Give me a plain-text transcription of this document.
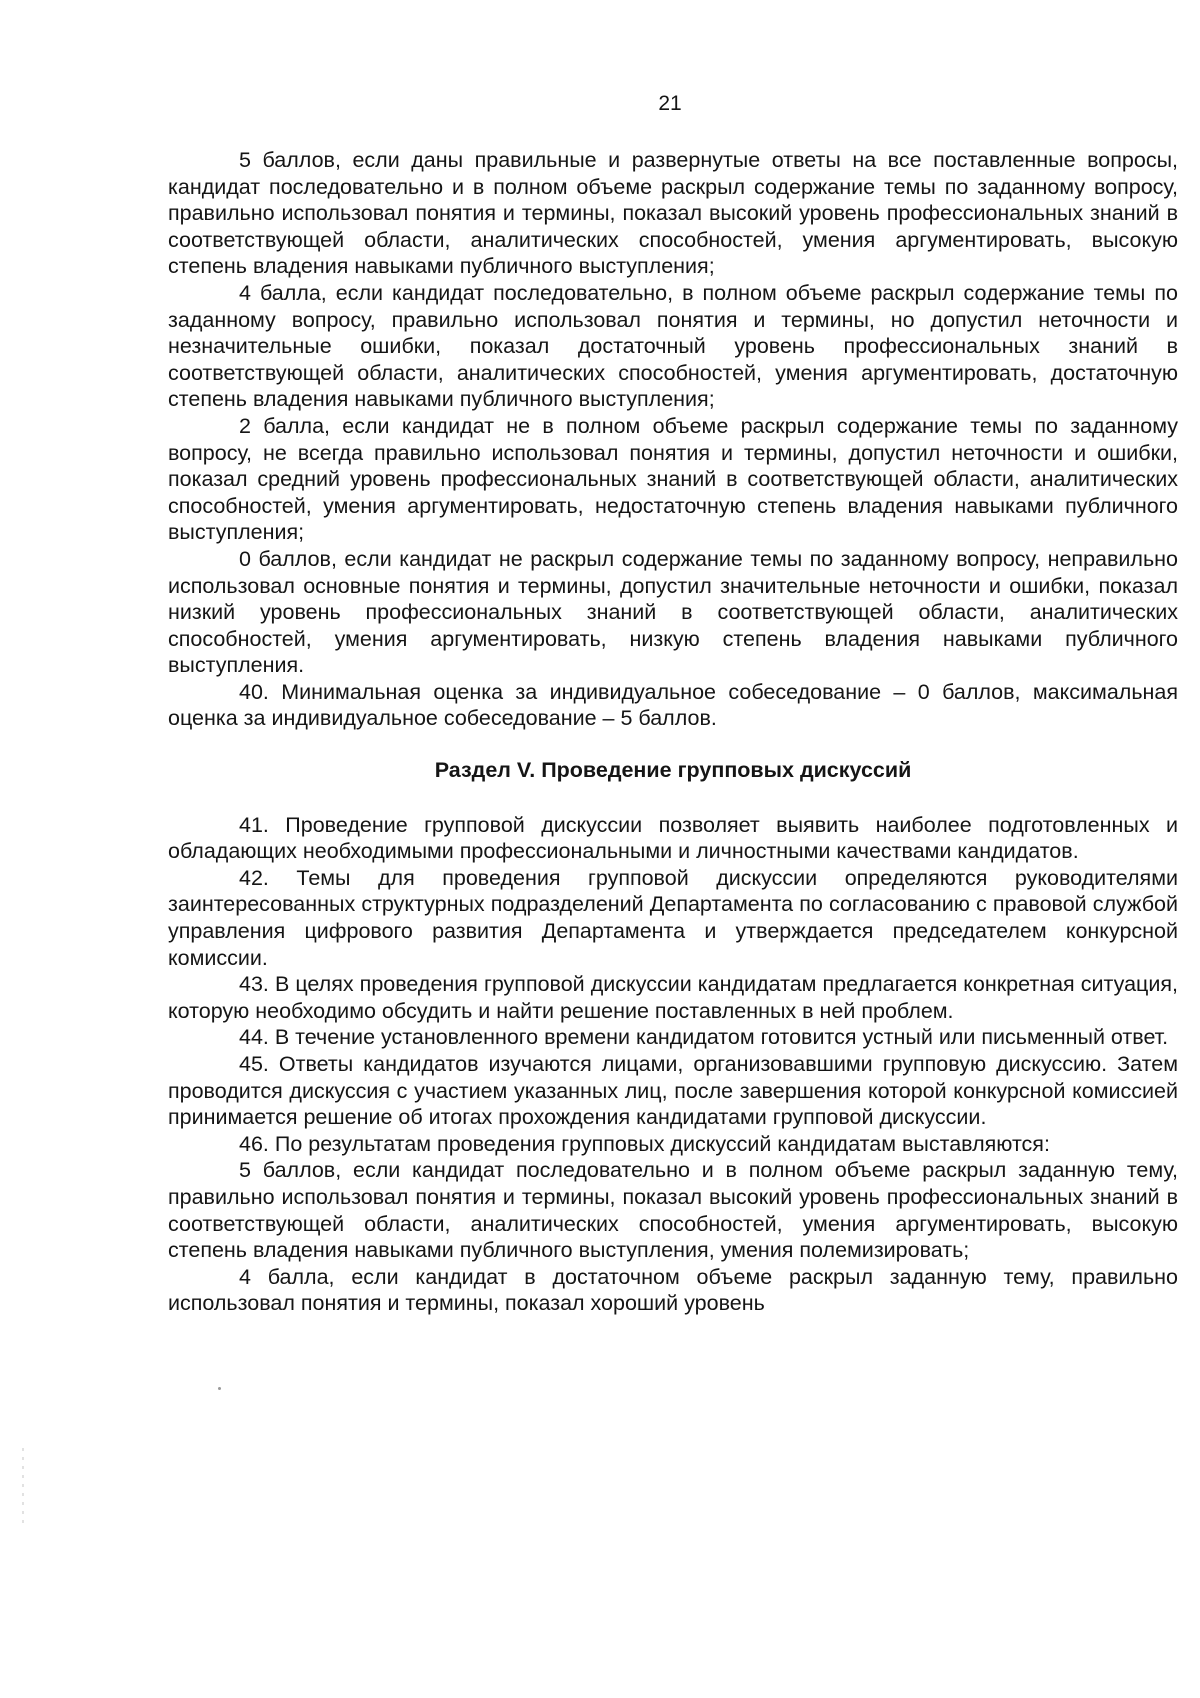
21

5 баллов, если даны правильные и развернутые ответы на все поставленные вопросы, кандидат последовательно и в полном объеме раскрыл содержание темы по заданному вопросу, правильно использовал понятия и термины, показал высокий уровень профессиональных знаний в соответствующей области, аналитических способностей, умения аргументировать, высокую степень владения навыками публичного выступления;

4 балла, если кандидат последовательно, в полном объеме раскрыл содержание темы по заданному вопросу, правильно использовал понятия и термины, но допустил неточности и незначительные ошибки, показал достаточный уровень профессиональных знаний в соответствующей области, аналитических способностей, умения аргументировать, достаточную степень владения навыками публичного выступления;

2 балла, если кандидат не в полном объеме раскрыл содержание темы по заданному вопросу, не всегда правильно использовал понятия и термины, допустил неточности и ошибки, показал средний уровень профессиональных знаний в соответствующей области, аналитических способностей, умения аргументировать, недостаточную степень владения навыками публичного выступления;

0 баллов, если кандидат не раскрыл содержание темы по заданному вопросу, неправильно использовал основные понятия и термины, допустил значительные неточности и ошибки, показал низкий уровень профессиональных знаний в соответствующей области, аналитических способностей, умения аргументировать, низкую степень владения навыками публичного выступления.

40. Минимальная оценка за индивидуальное собеседование – 0 баллов, максимальная оценка за индивидуальное собеседование – 5 баллов.

Раздел V. Проведение групповых дискуссий

41. Проведение групповой дискуссии позволяет выявить наиболее подготовленных и обладающих необходимыми профессиональными и личностными качествами кандидатов.

42. Темы для проведения групповой дискуссии определяются руководителями заинтересованных структурных подразделений Департамента по согласованию с правовой службой управления цифрового развития Департамента и утверждается председателем конкурсной комиссии.

43. В целях проведения групповой дискуссии кандидатам предлагается конкретная ситуация, которую необходимо обсудить и найти решение поставленных в ней проблем.

44. В течение установленного времени кандидатом готовится устный или письменный ответ.

45. Ответы кандидатов изучаются лицами, организовавшими групповую дискуссию. Затем проводится дискуссия с участием указанных лиц, после завершения которой конкурсной комиссией принимается решение об итогах прохождения кандидатами групповой дискуссии.

46. По результатам проведения групповых дискуссий кандидатам выставляются:

5 баллов, если кандидат последовательно и в полном объеме раскрыл заданную тему, правильно использовал понятия и термины, показал высокий уровень профессиональных знаний в соответствующей области, аналитических способностей, умения аргументировать, высокую степень владения навыками публичного выступления, умения полемизировать;

4 балла, если кандидат в достаточном объеме раскрыл заданную тему, правильно использовал понятия и термины, показал хороший уровень
